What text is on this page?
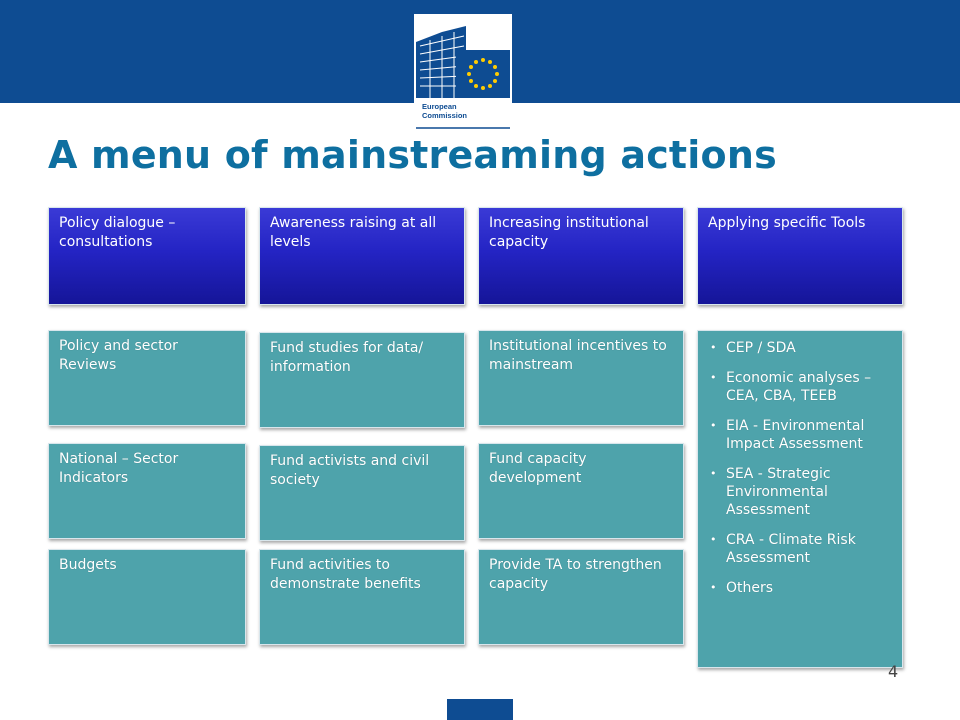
European
Commission
A menu of mainstreaming actions
Policy dialogue – consultations
Policy and sector Reviews
National – Sector Indicators
Budgets
Awareness raising at all levels
Fund studies for data/ information
Fund activists and civil society
Fund activities to demonstrate benefits
Increasing institutional capacity
Institutional incentives to mainstream
Fund capacity development
Provide TA to strengthen capacity
Applying specific Tools
• CEP / SDA
• Economic analyses – CEA, CBA, TEEB
• EIA - Environmental Impact Assessment
• SEA - Strategic Environmental Assessment
• CRA - Climate Risk Assessment
• Others
4
